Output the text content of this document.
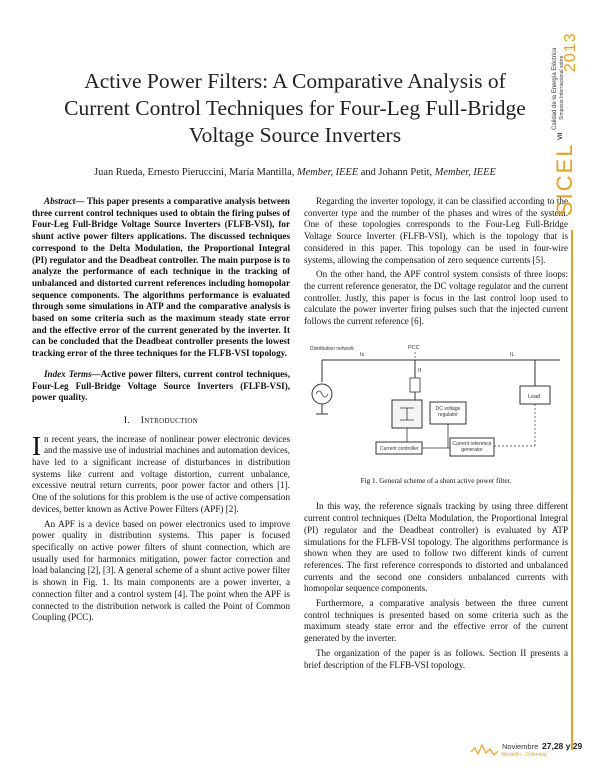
Active Power Filters: A Comparative Analysis of Current Control Techniques for Four-Leg Full-Bridge Voltage Source Inverters
Juan Rueda, Ernesto Pieruccini, María Mantilla, Member, IEEE and Johann Petit, Member, IEEE

Abstract— This paper presents a comparative analysis between three current control techniques used to obtain the firing pulses of Four-Leg Full-Bridge Voltage Source Inverters (FLFB-VSI), for shunt active power filters applications. The discussed techniques correspond to the Delta Modulation, the Proportional Integral (PI) regulator and the Deadbeat controller. The main purpose is to analyze the performance of each technique in the tracking of unbalanced and distorted current references including homopolar sequence components. The algorithms performance is evaluated through some simulations in ATP and the comparative analysis is based on some criteria such as the maximum steady state error and the effective error of the current generated by the inverter. It can be concluded that the Deadbeat controller presents the lowest tracking error of the three techniques for the FLFB-VSI topology.

Index Terms—Active power filters, current control techniques, Four-Leg Full-Bridge Voltage Source Inverters (FLFB-VSI), power quality.

I. Introduction

In recent years, the increase of nonlinear power electronic devices and the massive use of industrial machines and automation devices, have led to a significant increase of disturbances in distribution systems like current and voltage distortion, current unbalance, excessive neutral return currents, poor power factor and others [1]. One of the solutions for this problem is the use of active compensation devices, better known as Active Power Filters (APF) [2].

An APF is a device based on power electronics used to improve power quality in distribution systems. This paper is focused specifically on active power filters of shunt connection, which are usually used for harmonics mitigation, power factor correction and load balancing [2], [3]. A general scheme of a shunt active power filter is shown in Fig. 1. Its main components are a power inverter, a connection filter and a control system [4]. The point when the APF is connected to the distribution network is called the Point of Common Coupling (PCC).

Regarding the inverter topology, it can be classified according to the converter type and the number of the phases and wires of the system. One of these topologies corresponds to the Four-Leg Full-Bridge Voltage Source Inverter (FLFB-VSI), which is the topology that is considered in this paper. This topology can be used in four-wire systems, allowing the compensation of zero sequence currents [5].

On the other hand, the APF control system consists of three loops: the current reference generator, the DC voltage regulator and the current controller. Justly, this paper is focus in the last control loop used to calculate the power inverter firing pulses such that the injected current follows the current reference [6].

Distribution network	PCC
Is	IL
Load
If
DC voltage regulator
Current controller
Current reference generator
Fig 1. General scheme of a shunt active power filter.

In this way, the reference signals tracking by using three different current control techniques (Delta Modulation, the Proportional Integral (PI) regulator and the Deadbeat controller) is evaluated by ATP simulations for the FLFB-VSI topology. The algorithms performance is shown when they are used to follow two different kinds of current references. The first reference corresponds to distorted and unbalanced currents and the second one considers unbalanced currents with homopolar sequence components.

Furthermore, a comparative analysis between the three current control techniques is presented based on some criteria such as the maximum steady state error and the effective error of the current generated by the inverter.

The organization of the paper is as follows. Section II presents a brief description of the FLFB-VSI topology.

2013
Calidad de la Energía Eléctrica Simposio Internacional sobre
VII
SICEL
Noviembre 27,28 y 29
Medellín · Colombia
